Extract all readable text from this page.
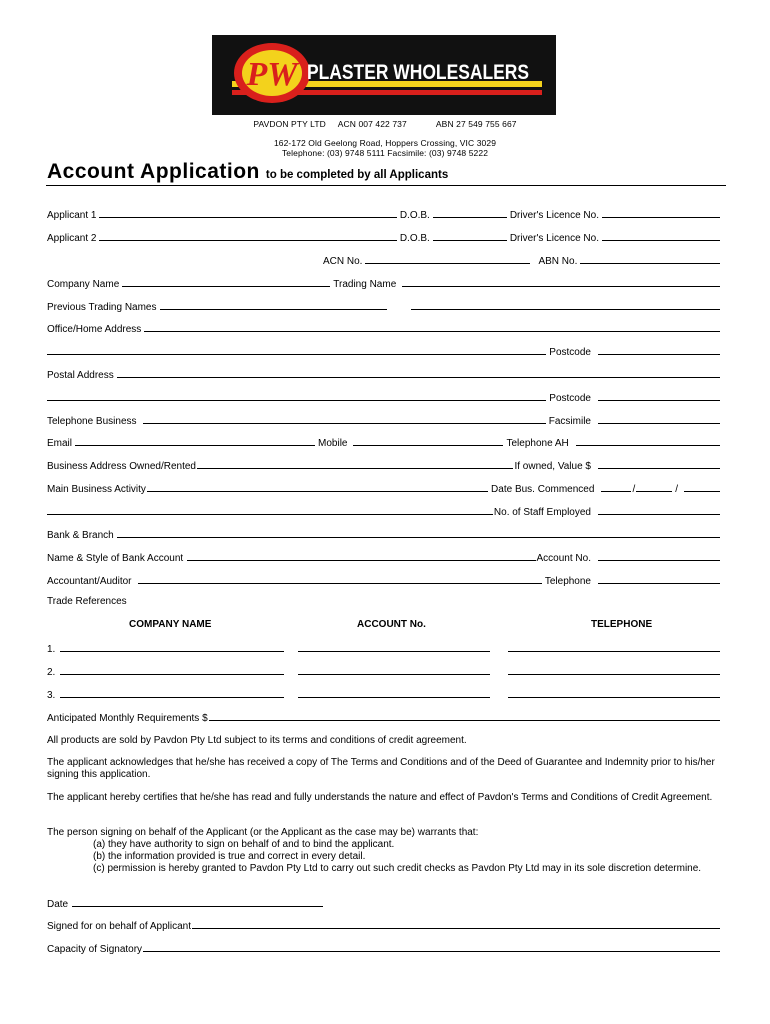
PW PLASTER WHOLESALERS
PAVDON PTY LTD ACN 007 422 737	ABN 27 549 755 667
162-172 Old Geelong Road, Hoppers Crossing, VIC 3029
Telephone: (03) 9748 5111 Facsimile: (03) 9748 5222
Account Application to be completed by all Applicants
Applicant 1	D.O.B.	Driver's Licence No.
Applicant 2	D.O.B.	Driver's Licence No.
ACN No.	ABN No.
Company Name	Trading Name
Previous Trading Names
Office/Home Address
Postcode
Postal Address
Postcode
Telephone Business	Facsimile
Email	Mobile	Telephone AH
Business Address Owned/Rented	If owned, Value $
Main Business Activity	Date Bus. Commenced	/	/
No. of Staff Employed
Bank & Branch
Name & Style of Bank Account	Account No.
Accountant/Auditor	Telephone
Trade References
COMPANY NAME	ACCOUNT No.	TELEPHONE
1.
2.
3.
Anticipated Monthly Requirements $
All products are sold by Pavdon Pty Ltd subject to its terms and conditions of credit agreement.
The applicant acknowledges that he/she has received a copy of The Terms and Conditions and of the Deed of Guarantee and Indemnity prior to his/her signing this application.
The applicant hereby certifies that he/she has read and fully understands the nature and effect of Pavdon's Terms and Conditions of Credit Agreement.
The person signing on behalf of the Applicant (or the Applicant as the case may be) warrants that:
(a) they have authority to sign on behalf of and to bind the applicant.
(b) the information provided is true and correct in every detail.
(c) permission is hereby granted to Pavdon Pty Ltd to carry out such credit checks as Pavdon Pty Ltd may in its sole discretion determine.
Date
Signed for on behalf of Applicant
Capacity of Signatory
